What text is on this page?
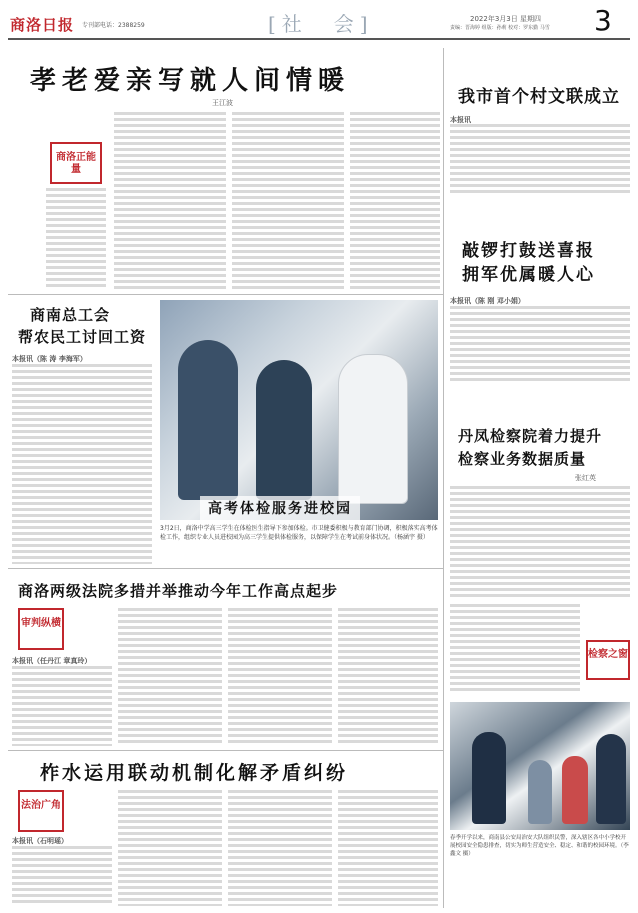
商洛日报 专刊部电话：2388259	[社　会]	2022年3月3日 星期四
责编：晋海婷 组版：孙莉 校对：罗东勤 马雪 3
孝老爱亲写就人间情暖
王江波
商洛正能量
我市首个村文联成立
本报讯
敲锣打鼓送喜报
拥军优属暖人心
本报讯（陈 刚 邓小娟）
丹凤检察院着力提升
检察业务数据质量
张红英
检察之窗
商南总工会
帮农民工讨回工资
本报讯（陈 涛 李海军）
高考体检服务进校园
3月2日，商洛中学高三学生在体检医生指导下参加体检。市卫健委积极与教育部门协调，积极落实高考体检工作，组织专业人员进校园为高三学生提供体检服务，以保障学生在考试前身体状况。（杨涵宇 摄）
商洛两级法院多措并举推动今年工作高点起步
审判纵横
本报讯（任丹江 章真玲）
柞水运用联动机制化解矛盾纠纷
法治广角
本报讯（石明瑶）	春季开学以来，商南县公安局治安大队组织民警，深入辖区各中小学校开展校园安全隐患排查，切实为师生营造安全、稳定、和谐的校园环境。（李鑫文 摄）
